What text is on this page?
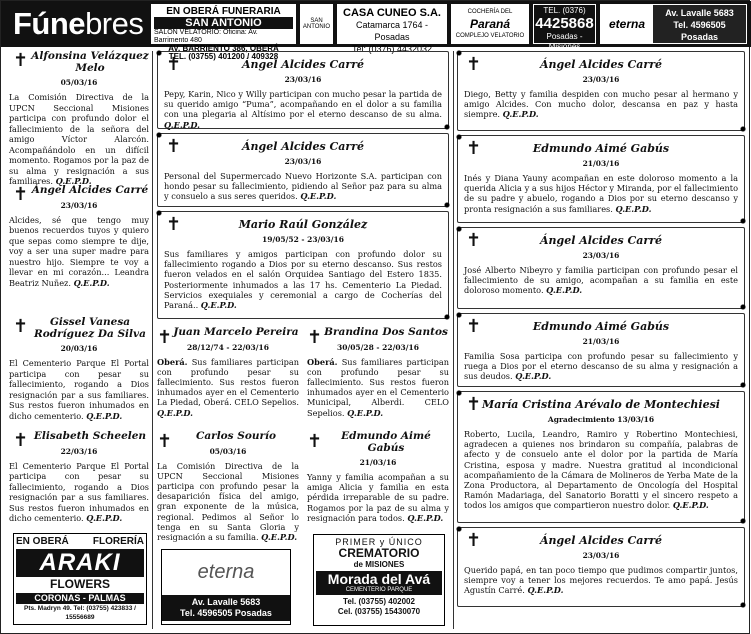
Fúne bres	EN OBERÁ FUNERARIA
SAN ANTONIO
SALÓN VELATORIO: Oficina: Av. Barrimento 480
AV. BARRIENTO 386, OBERÁ
TEL. (03755) 401200 / 409328
SAN ANTONIO
CASA CUNEO S.A.
Catamarca 1764 - Posadas
Tel: (0376) 4432032
COCHERÍA DEL
Paraná
COMPLEJO VELATORIO
TEL. (0376)
4425868
Posadas - Misiones
eterna
Av. Lavalle 5683
Tel. 4596505
Posadas
✝ Alfonsina Velázquez Melo
05/03/16
La Comisión Directiva de la UPCN Seccional Misiones participa con profundo dolor el fallecimiento de la señora del amigo Víctor Alarcón. Acompañándolo en un difícil momento. Rogamos por la paz de su alma y resignación a sus familiares. Q.E.P.D.
✝ Ángel Alcides Carré
23/03/16
Alcides, sé que tengo muy buenos recuerdos tuyos y quiero que sepas como siempre te dije, voy a ser una super madre para nuestro hijo. Siempre te voy a llevar en mi corazón... Leandra Beatriz Nuñez. Q.E.P.D.
✝	Gissel Vanesa Rodríguez Da Silva
20/03/16
El Cementerio Parque El Portal participa con pesar su fallecimiento, rogando a Dios resignación par a sus familiares. Sus restos fueron inhumados en dicho cementerio. Q.E.P.D.
✝ Elisabeth Scheelen
22/03/16
El Cementerio Parque El Portal participa con pesar su fallecimiento, rogando a Dios resignación par a sus familiares. Sus restos fueron inhumados en dicho cementerio. Q.E.P.D.
✝	Ángel Alcides Carré
23/03/16
Pepy, Karin, Nico y Willy participan con mucho pesar la partida de su querido amigo “Puma”, acompañando en el dolor a su familia con una plegaria al Altísimo por el eterno descanso de su alma. Q.E.P.D.
✝	Ángel Alcides Carré
23/03/16
Personal del Supermercado Nuevo Horizonte S.A. participan con hondo pesar su fallecimiento, pidiendo al Señor paz para su alma y consuelo a sus seres queridos. Q.E.P.D.
✝	Mario Raúl González
19/05/52 - 23/03/16
Sus familiares y amigos participan con profundo dolor su fallecimiento rogando a Dios por su eterno descanso. Sus restos fueron velados en el salón Orquidea Santiago del Estero 1835. Posteriormente inhumados a las 17 hs. Cementerio La Piedad. Servicios exequiales y ceremonial a cargo de Cocherías del Paraná.. Q.E.P.D.
✝ Juan Marcelo Pereira
28/12/74 - 22/03/16
Oberá. Sus familiares participan con profundo pesar su fallecimiento. Sus restos fueron inhumados ayer en el Cementerio La Piedad, Oberá. CELO Sepelios. Q.E.P.D.
✝	Carlos Sourío
05/03/16
La Comisión Directiva de la UPCN Seccional Misiones participa con profundo pesar la desaparición física del amigo, gran exponente de la música, regional. Pedimos al Señor lo tenga en su Santa Gloria y resignación a su familia. Q.E.P.D.
✝ Brandina Dos Santos
30/05/28 - 22/03/16
Oberá. Sus familiares participan con profundo pesar su fallecimiento. Sus restos fueron inhumados ayer en el Cementerio Municipal, Alberdi. CELO Sepelios. Q.E.P.D.
✝	Edmundo Aimé Gabús
21/03/16
Yanny y familia acompañan a su amiga Alicia y familia en esta pérdida irreparable de su padre. Rogamos por la paz de su alma y resignación para todos. Q.E.P.D.
✝	Ángel Alcides Carré
23/03/16
Diego, Betty y familia despiden con mucho pesar al hermano y amigo Alcides. Con mucho dolor, descansa en paz y hasta siempre. Q.E.P.D.
✝	Edmundo Aimé Gabús
21/03/16
Inés y Diana Yauny acompañan en este doloroso momento a la querida Alicia y a sus hijos Héctor y Miranda, por el fallecimiento de su padre y abuelo, rogando a Dios por su eterno descanso y pronta resignación a sus familiares. Q.E.P.D.
✝	Ángel Alcides Carré
23/03/16
José Alberto Nibeyro y familia participan con profundo pesar el fallecimiento de su amigo, acompañan a su familia en este doloroso momento. Q.E.P.D.
✝	Edmundo Aimé Gabús
21/03/16
Familia Sosa participa con profundo pesar su fallecimiento y ruega a Dios por el eterno descanso de su alma y resignación a sus deudos. Q.E.P.D.
✝ María Cristina Arévalo de Montechiesi
Agradecimiento 13/03/16
Roberto, Lucila, Leandro, Ramiro y Robertino Montechiesi, agradecen a quienes nos brindaron su compañía, palabras de afecto y de consuelo ante el dolor por la partida de María Cristina, esposa y madre. Nuestra gratitud al incondicional acompañamiento de la Cámara de Molineros de Yerba Mate de la Zona Productora, al Departamento de Oncología del Hospital Ramón Madariaga, del Sanatorio Boratti y el sincero respeto a todos los amigos que compartieron nuestro dolor. Q.E.P.D.
✝	Ángel Alcides Carré
23/03/16
Querido papá, en tan poco tiempo que pudimos compartir juntos, siempre voy a tener los mejores recuerdos. Te amo papá. Jesús Agustín Carré. Q.E.P.D.
EN OBERÁ FLORERÍA
ARAKI
FLOWERS
CORONAS - PALMAS
Pts. Madryn 49. Tel: (03755) 423833 / 15556689
eterna
Av. Lavalle 5683
Tel. 4596505 Posadas
PRIMER y ÚNICO
CREMATORIO
de MISIONES
Morada del Avá
CEMENTERIO PARQUE
Tel. (03755) 402002
Cel. (03755) 15430070
